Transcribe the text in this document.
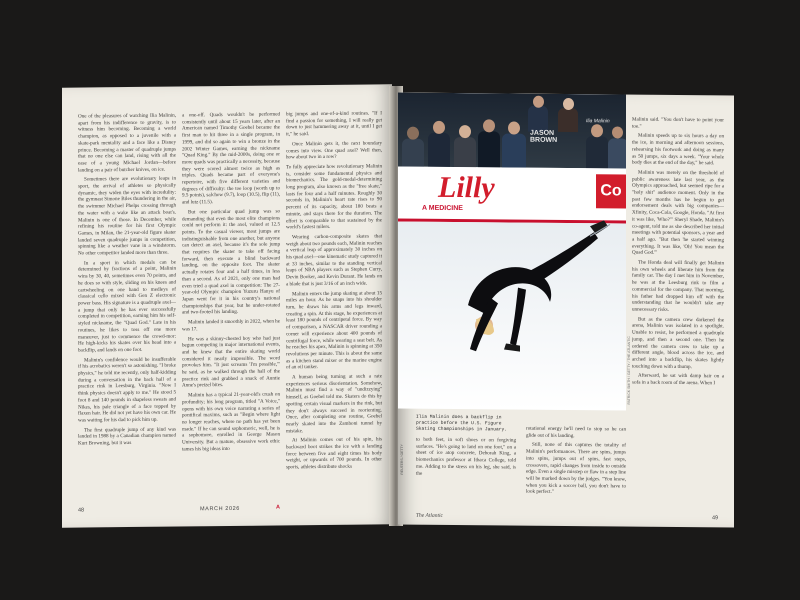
One of the pleasures of watching Ilia Malinin, apart from his indifference to gravity, is to witness him becoming. Becoming a world champion, as opposed to a juvenile with a skate-park mentality and a face like a Disney prince. Becoming a master of quadruple jumps that no one else can land, rising with all the ease of a young Michael Jordan—before landing on a pair of butcher knives, on ice.

Sometimes there are evolutionary leaps in sport, the arrival of athletes so physically dynamic, they widen the eyes with incredulity: the gymnast Simone Biles thundering in the air, the swimmer Michael Phelps crossing through the water with a wake like an attack boat's. Malinin is one of those. In December, while refining his routine for his first Olympic Games, in Milan, the 21-year-old figure skater landed seven quadruple jumps in competition, spinning like a weather vane in a windstorm. No other competitor landed more than three.

In a sport in which medals can be determined by fractions of a point, Malinin wins by 30, 40, sometimes even 70 points, and he does so with style, sliding on his knees and cartwheeling on one hand to medleys of classical cello mixed with Gen Z electronic power bass. His signature is a quadruple axel—a jump that only he has ever successfully completed in competition, earning him his self-styled nickname, the "Quad God." Late in his routines, he likes to toss off one more maneuver, just to commence the crowd-mor: He high-kicks his skates over his head into a backflip, and lands on one foot.

Malinin's confidence would be insufferable if his acrobatics weren't so astonishing. "I broke physics," he told me recently, only half-kidding during a conversation in the back hall of a practice rink in Leesburg, Virginia. "Now I think physics doesn't apply to me." He stood 5 foot 8 and 140 pounds in shapeless sweats and Nikes, his pale triangle of a face topped by flaxen hair. He did not yet have his own car. He was waiting for his dad to pick him up.

The first quadruple jump of any kind was landed in 1988 by a Canadian champion named Kurt Browning, but it was

a one-off. Quads wouldn't be performed consistently until about 15 years later, after an American named Timothy Goebel became the first man to hit three in a single program, in 1999, and did so again to win a bronze in the 2002 Winter Games, earning the nickname "Quad King." By the mid-2000s, doing one or more quads was practically a necessity, because they were scored almost twice as high as triples. Quads became part of everyone's repertoire, with five different varieties and degrees of difficulty: the toe loop (worth up to 9.5 points), salchow (9.7), loop (10.5), flip (11), and lutz (11.5).

But one particular quad jump was so demanding that even the most elite champions could not perform it: the axel, valued at 12.5 points. To the casual viewer, most jumps are indistinguishable from one another, but anyone can detect an axel, because it's the sole jump that requires the skater to take off facing forward, then execute a blind backward landing, on the opposite foot. The skater actually rotates four and a half times, in less than a second. As of 2021, only one man had even tried a quad axel in competition: The 27-year-old Olympic champion Yuzuru Hanyu of Japan went for it in his country's national championships that year, but he under-rotated and two-footed his landing.

Malinin landed it smoothly in 2022, when he was 17.

He was a skinny-chested boy who had just begun competing in major international events, and he knew that the entire skating world considered it nearly impossible. The word provokes him. "It just screams 'I'm possible,'" he said, as he walked through the hall of the practice rink and grabbed a snack of Auntie Anne's pretzel bites.

Malinin has a typical 21-year-old's crush on profundity; his long program, titled "A Voice," opens with his own voice narrating a series of pontifical maxims, such as "Begin where light no longer reaches, where no path has yet been made." If he can sound sophomoric, well, he is a sophomore, enrolled in George Mason University. But a mature, obsessive work ethic tames his big ideas into

big jumps and one-of-a-kind routines. "If I find a passion for something, I will really get down to just hammering away at it, until I get it," he said.

Once Malinin gets it, the next boundary comes into view. One quad axel? Well then, how about two in a row?

To fully appreciate how revolutionary Malinin is, consider some fundamental physics and biomechanics. The gold-medal-determining long program, also known as the "free skate," lasts for four and a half minutes. Roughly 30 seconds in, Malinin's heart rate rises to 90 percent of its capacity, about 180 beats a minute, and stays there for the duration. The effort is comparable to that sustained by the world's fastest milers.

Wearing carbon-composite skates that weigh about two pounds each, Malinin reaches a vertical leap of approximately 30 inches on his quad axel—one kinematic study captured it at 33 inches, similar to the standing vertical leaps of NBA players such as Stephen Curry, Devin Booker, and Kevin Durant. He lands on a blade that is just 3/16 of an inch wide.

Malinin enters the jump skating at about 15 miles an hour. As he snaps into his shoulder turn, he draws his arms and legs inward, creating a spin. At this stage, he experiences at least 180 pounds of centripetal force. By way of comparison, a NASCAR driver rounding a corner will experience about 400 pounds of centrifugal force, while wearing a seat belt. As he reaches his apex, Malinin is spinning at 350 revolutions per minute. This is about the same as a kitchen stand mixer or the marine engine of an oil tanker.

A human being turning at such a rate experiences serious disorientation. Somehow, Malinin must find a way of "undizzying" himself, as Goebel told me. Skaters do this by spotting certain visual markers in the rink, but they don't always succeed in reorienting. Once, after completing one routine, Goebel nearly skated into the Zamboni tunnel by mistake.

At Malinin comes out of his spin, his backward boot strikes the ice with a landing force between five and eight times his body weight, or upwards of 700 pounds. In other sports, athletes distribute shocks

48	MARCH 2026	A
JASON
BROWN
Ilia Malinin
Lilly
A MEDICINE
Co
PATRICK SMITH / GETTY / THE ATLANTIC
REUTERS / GETTY
Ilia Malinin does a backflip in practice before the U.S. Figure Skating Championships in January.

to both feet, in soft shoes or on forgiving surfaces. "He's going to land on one foot," on a sheet of ice atop concrete, Deborah King, a biomechanics professor at Ithaca College, told me. Adding to the stress on his leg, she said, is the

rotational energy he'll need to stop so he can glide out of his landing.

Still, none of this captures the totality of Malinin's performances. There are spins, jumps into spins, jumps out of spins, fast steps, crossovers, rapid changes from inside to outside edge. Even a single misstep or flaw in a step line will be marked down by the judges. "You know, when you kick a soccer ball, you don't have to look perfect."

Malinin said. "You don't have to point your toe."

Malinin speeds up to six hours a day on the ice, in morning and afternoon sessions, rehearsing his footwork and doing as many as 50 jumps, six days a week. "Your whole body dies at the end of the day," he said.

Malinin was merely on the threshold of public awareness late last year, as the Olympics approached, but seemed ripe for a "holy shit" audience moment. Only in the past few months has he begun to get endorsement deals with big companies—Xfinity, Coca-Cola, Google, Honda. "At first it was like, 'Who?'" Sheryl Shade, Malinin's co-agent, told me as she described her initial meetings with potential sponsors, a year and a half ago. "But then 'he started winning everything. It was like, 'Oh! You mean the Quad God.'"

The Honda deal will finally get Malinin his own wheels and liberate him from the family car. The day I met him in November, he was at the Leesburg rink to film a commercial for the company. That morning, his father had dropped him off with the understanding that he wouldn't take any unnecessary risks.

But as the camera crew darkened the arena, Malinin was isolated in a spotlight. Unable to resist, he performed a quadruple jump, and then a second one. Then he ordered the camera crew to take up a different angle, blood across the ice, and arched into a backflip, his skates lightly touching down with a thump.

Afterward, he sat with damp hair on a sofa in a back room of the arena. When I

The Atlantic	49
